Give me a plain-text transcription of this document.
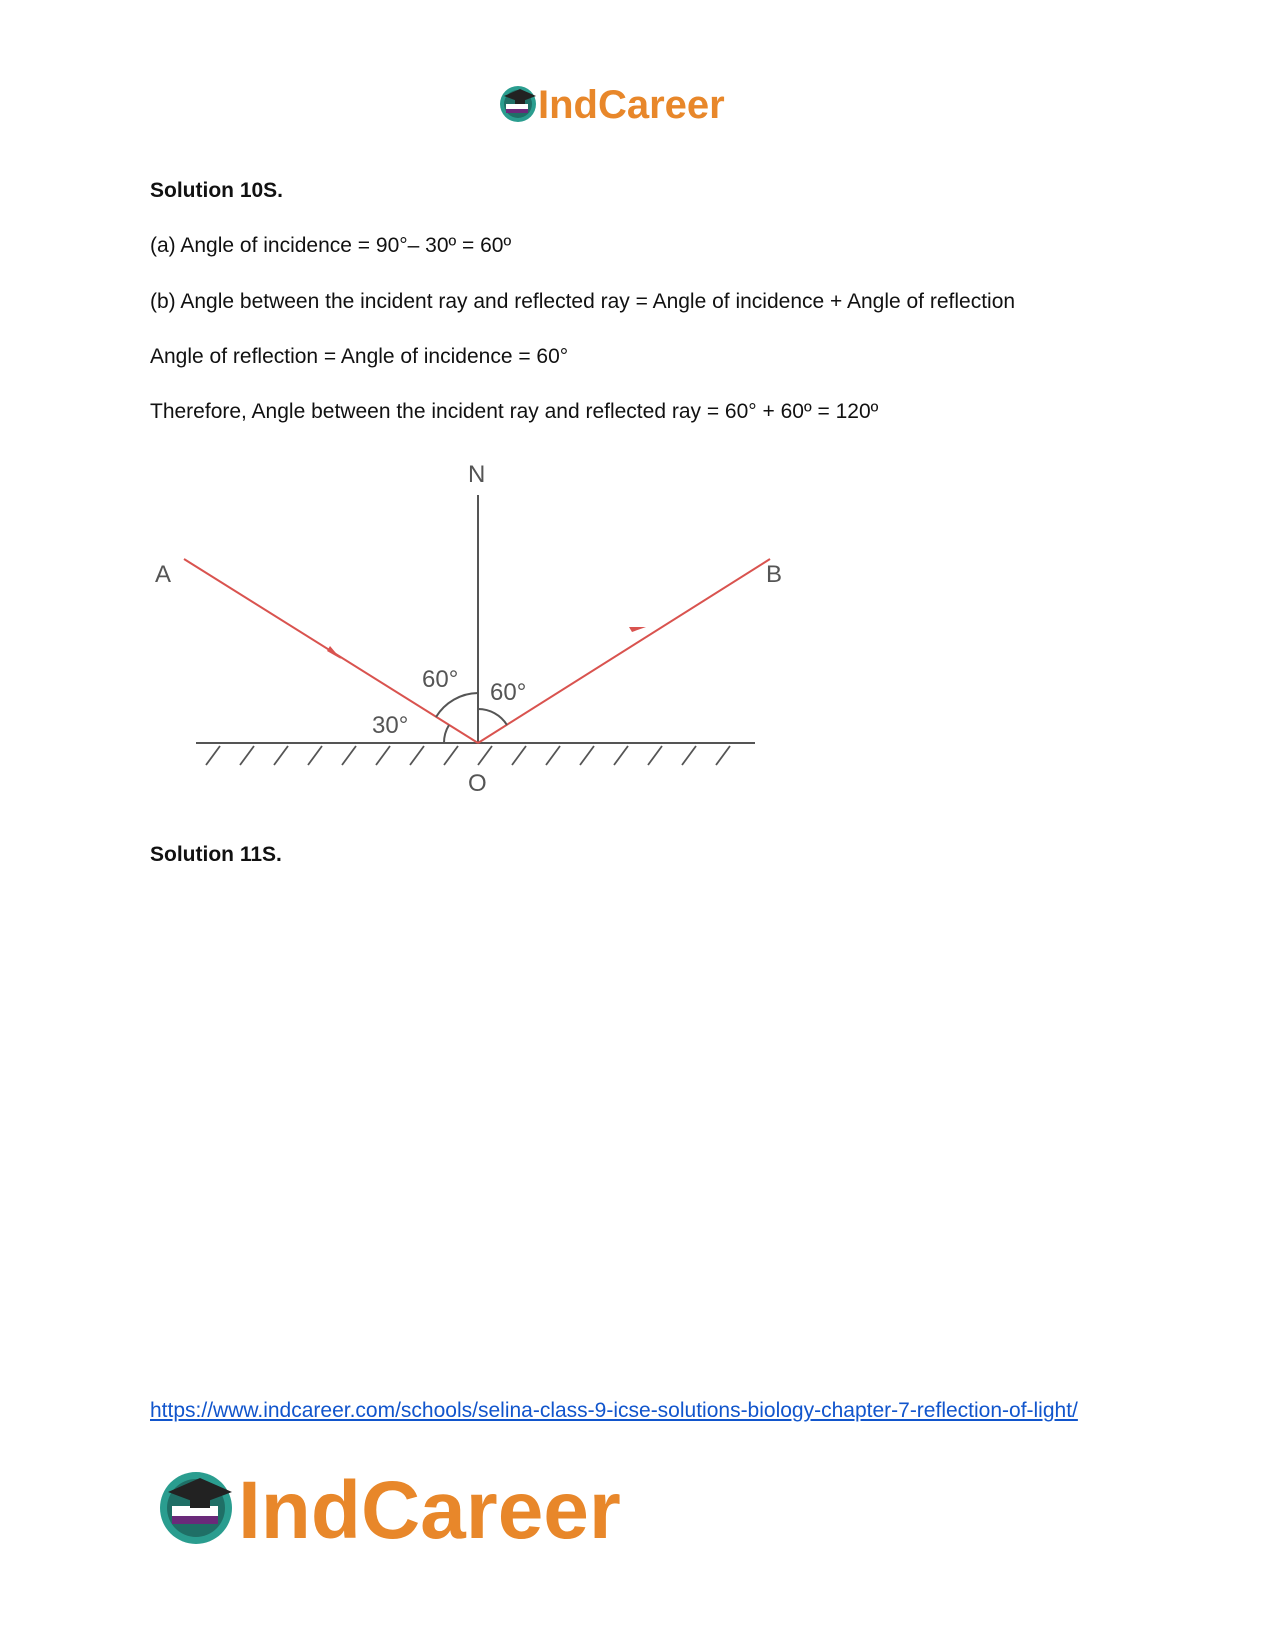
IndCareer
Solution 10S.
(a) Angle of incidence = 90°– 30º = 60º
(b) Angle between the incident ray and reflected ray = Angle of incidence + Angle of reflection
Angle of reflection = Angle of incidence = 60°
Therefore, Angle between the incident ray and reflected ray = 60° + 60º = 120º
N
A	B
O
60° 60°
30°
Solution 11S.
https://www.indcareer.com/schools/selina-class-9-icse-solutions-biology-chapter-7-reflection-of-light/
IndCareer
